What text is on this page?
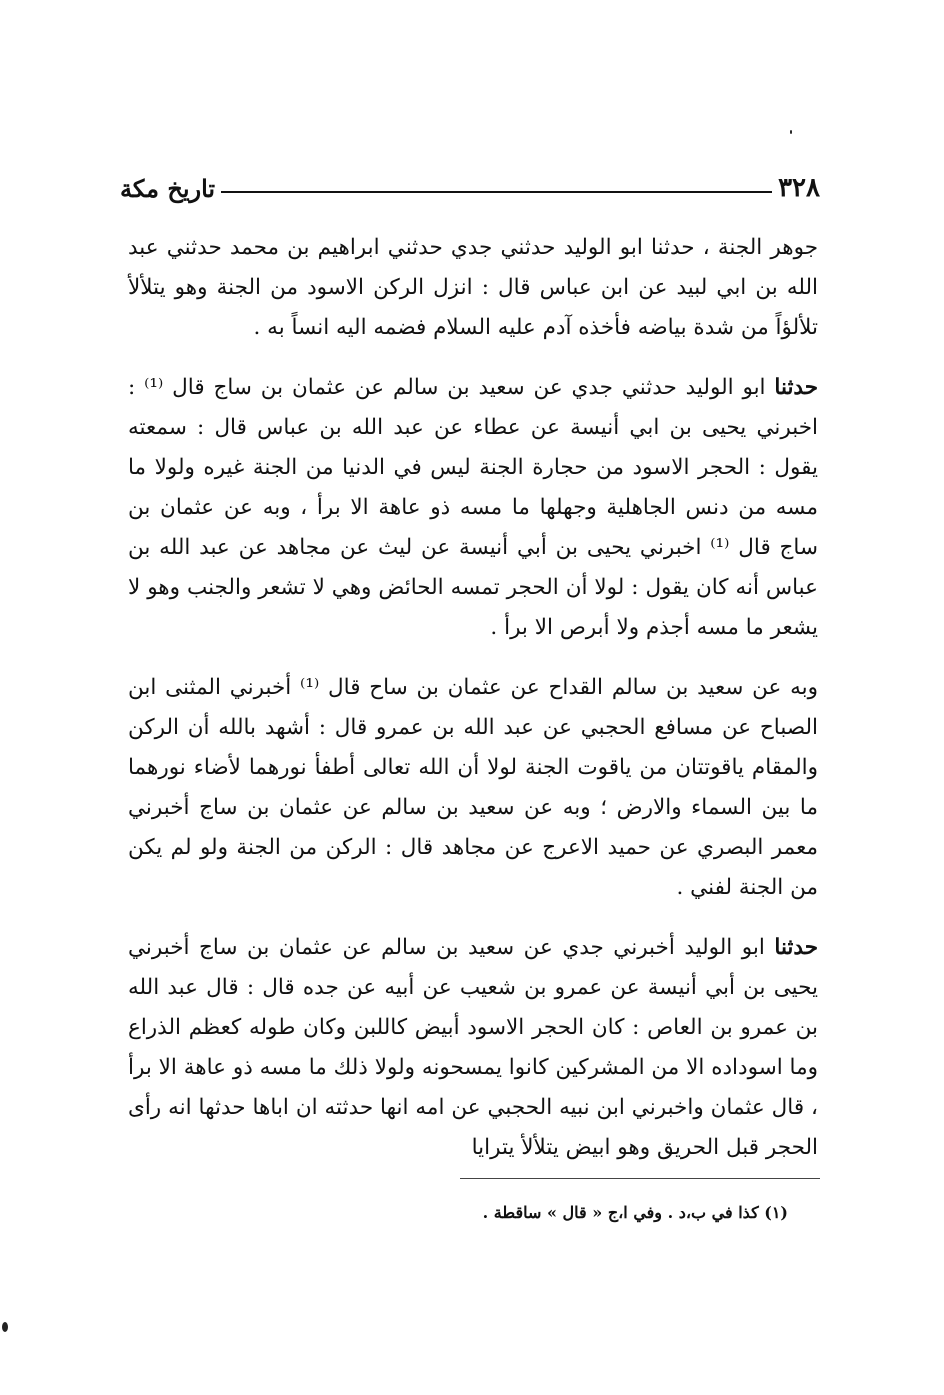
تاريخ مكة	٣٢٨

جوهر الجنة ، حدثنا ابو الوليد حدثني جدي حدثني ابراهيم بن محمد حدثني عبد الله بن ابي لبيد عن ابن عباس قال : انزل الركن الاسود من الجنة وهو يتلألأ تلألؤاً من شدة بياضه فأخذه آدم عليه السلام فضمه اليه انساً به .

حدثنا ابو الوليد حدثني جدي عن سعيد بن سالم عن عثمان بن ساج قال ⁽¹⁾ : اخبرني يحيى بن ابي أنيسة عن عطاء عن عبد الله بن عباس قال : سمعته يقول : الحجر الاسود من حجارة الجنة ليس في الدنيا من الجنة غيره ولولا ما مسه من دنس الجاهلية وجهلها ما مسه ذو عاهة الا برأ ، وبه عن عثمان بن ساج قال ⁽¹⁾ اخبرني يحيى بن أبي أنيسة عن ليث عن مجاهد عن عبد الله بن عباس أنه كان يقول : لولا أن الحجر تمسه الحائض وهي لا تشعر والجنب وهو لا يشعر ما مسه أجذم ولا أبرص الا برأ .

وبه عن سعيد بن سالم القداح عن عثمان بن ساح قال ⁽¹⁾ أخبرني المثنى ابن الصباح عن مسافع الحجبي عن عبد الله بن عمرو قال : أشهد بالله أن الركن والمقام ياقوتتان من ياقوت الجنة لولا أن الله تعالى أطفأ نورهما لأضاء نورهما ما بين السماء والارض ؛ وبه عن سعيد بن سالم عن عثمان بن ساج أخبرني معمر البصري عن حميد الاعرج عن مجاهد قال : الركن من الجنة ولو لم يكن من الجنة لفني .

حدثنا ابو الوليد أخبرني جدي عن سعيد بن سالم عن عثمان بن ساج أخبرني يحيى بن أبي أنيسة عن عمرو بن شعيب عن أبيه عن جده قال : قال عبد الله بن عمرو بن العاص : كان الحجر الاسود أبيض كاللبن وكان طوله كعظم الذراع وما اسوداده الا من المشركين كانوا يمسحونه ولولا ذلك ما مسه ذو عاهة الا برأ ، قال عثمان واخبرني ابن نبيه الحجبي عن امه انها حدثته ان اباها حدثها انه رأى الحجر قبل الحريق وهو ابيض يتلألأ يترايا

(١) كذا في ب،د . وفي ا،ج « قال » ساقطة .
